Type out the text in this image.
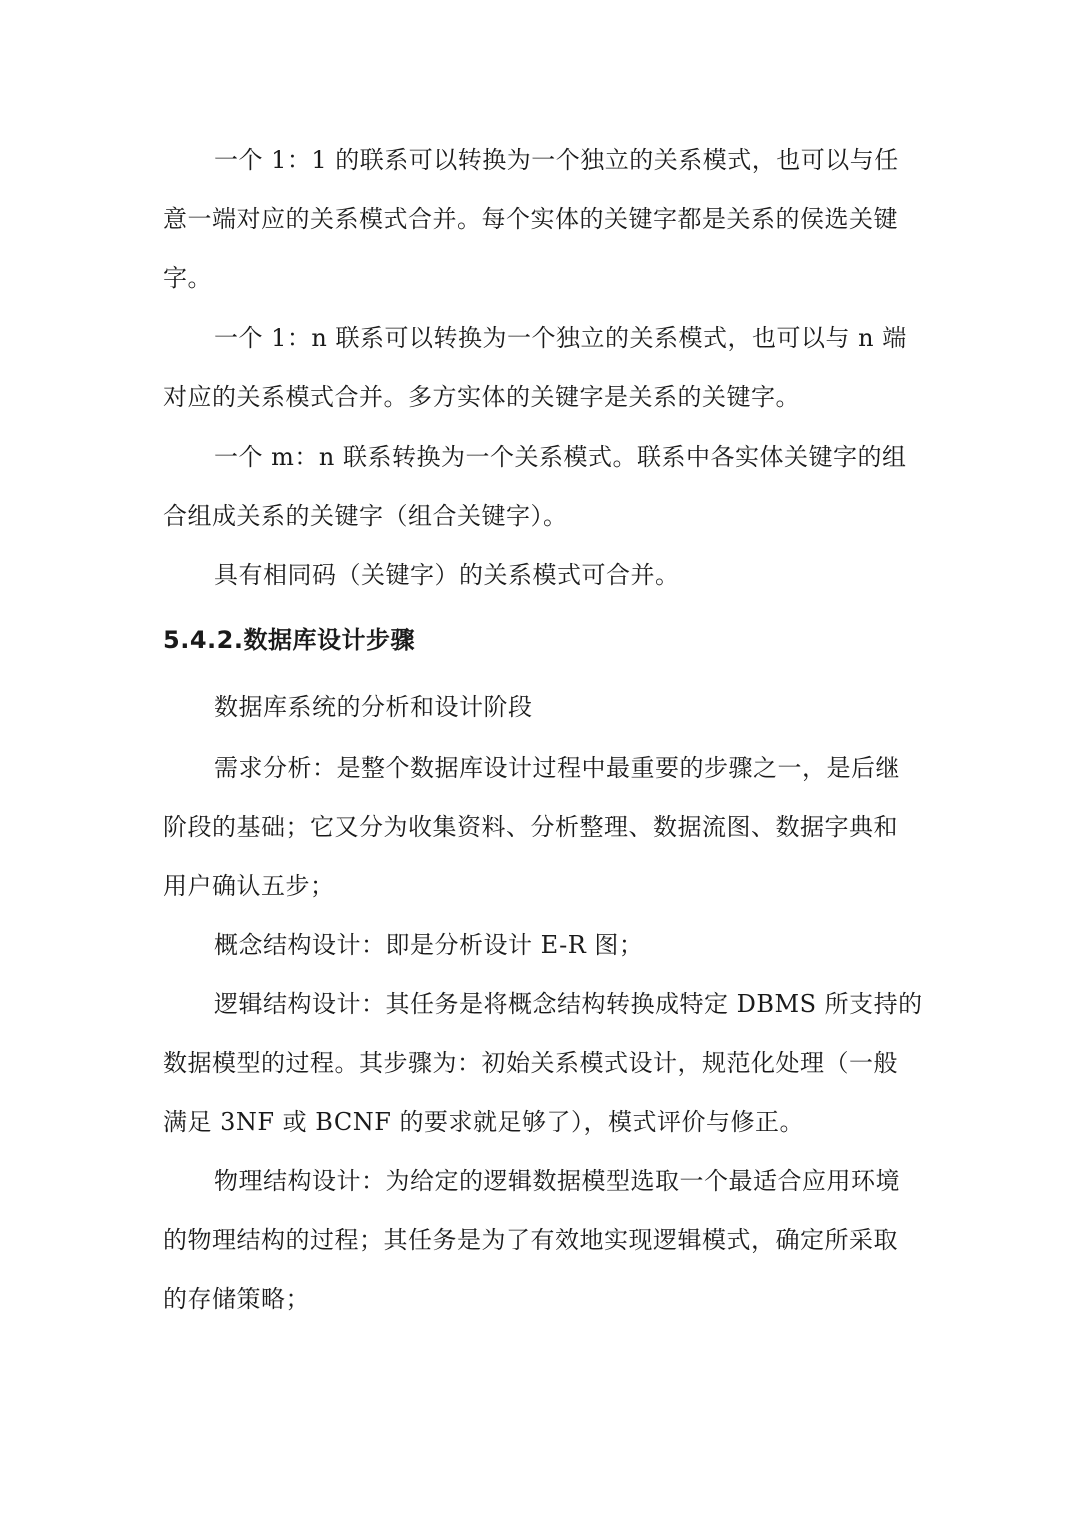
一个 1：1 的联系可以转换为一个独立的关系模式，也可以与任
意一端对应的关系模式合并。每个实体的关键字都是关系的侯选关键
字。
一个 1：n 联系可以转换为一个独立的关系模式，也可以与 n 端
对应的关系模式合并。多方实体的关键字是关系的关键字。
一个 m：n 联系转换为一个关系模式。联系中各实体关键字的组
合组成关系的关键字（组合关键字）。
具有相同码（关键字）的关系模式可合并。
5.4.2.数据库设计步骤
数据库系统的分析和设计阶段
需求分析：是整个数据库设计过程中最重要的步骤之一，是后继
阶段的基础；它又分为收集资料、分析整理、数据流图、数据字典和
用户确认五步；
概念结构设计：即是分析设计 E-R 图；
逻辑结构设计：其任务是将概念结构转换成特定 DBMS 所支持的
数据模型的过程。其步骤为：初始关系模式设计，规范化处理（一般
满足 3NF 或 BCNF 的要求就足够了），模式评价与修正。
物理结构设计：为给定的逻辑数据模型选取一个最适合应用环境
的物理结构的过程；其任务是为了有效地实现逻辑模式，确定所采取
的存储策略；
